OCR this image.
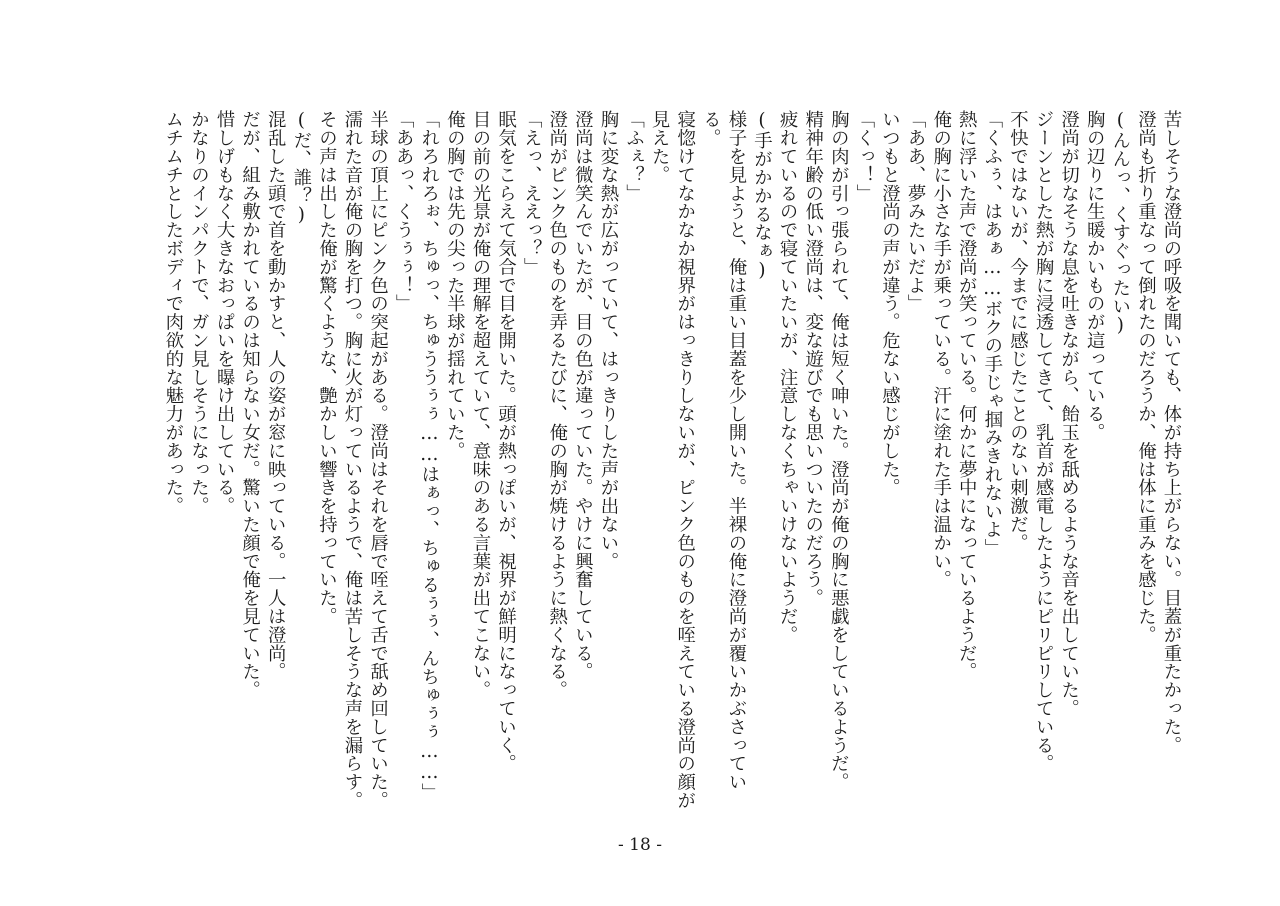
苦しそうな澄尚の呼吸を聞いても、体が持ち上がらない。目蓋が重たかった。
澄尚も折り重なって倒れたのだろうか、俺は体に重みを感じた。
(んんっ、くすぐったい)
胸の辺りに生暖かいものが這っている。
澄尚が切なそうな息を吐きながら、飴玉を舐めるような音を出していた。
ジーンとした熱が胸に浸透してきて、乳首が感電したようにピリピリしている。
不快ではないが、今までに感じたことのない刺激だ。
「くふぅ、はあぁ……ボクの手じゃ掴みきれないよ」
熱に浮いた声で澄尚が笑っている。何かに夢中になっているようだ。
俺の胸に小さな手が乗っている。汗に塗れた手は温かい。
「ああ、夢みたいだよ」
いつもと澄尚の声が違う。危ない感じがした。
「くっ！」
胸の肉が引っ張られて、俺は短く呻いた。澄尚が俺の胸に悪戯をしているようだ。
精神年齢の低い澄尚は、変な遊びでも思いついたのだろう。
疲れているので寝ていたいが、注意しなくちゃいけないようだ。
(手がかかるなぁ)
様子を見ようと、俺は重い目蓋を少し開いた。半裸の俺に澄尚が覆いかぶさっている。
寝惚けてなかなか視界がはっきりしないが、ピンク色のものを咥えている澄尚の顔が見えた。
「ふぇ？」
胸に変な熱が広がっていて、はっきりした声が出ない。
澄尚は微笑んでいたが、目の色が違っていた。やけに興奮している。
澄尚がピンク色のものを弄るたびに、俺の胸が焼けるように熱くなる。
「えっ、ええっ？」
眠気をこらえて気合で目を開いた。頭が熱っぽいが、視界が鮮明になっていく。
目の前の光景が俺の理解を超えていて、意味のある言葉が出てこない。
俺の胸では先の尖った半球が揺れていた。
「れろれろぉ、ちゅっ、ちゅううぅぅ……はぁっ、ちゅるぅぅ、んちゅぅぅ……」
「ああっ、くうぅぅ！」
半球の頂上にピンク色の突起がある。澄尚はそれを唇で咥えて舌で舐め回していた。
濡れた音が俺の胸を打つ。胸に火が灯っているようで、俺は苦しそうな声を漏らす。
その声は出した俺が驚くような、艶かしい響きを持っていた。
(だ、誰？)
混乱した頭で首を動かすと、人の姿が窓に映っている。一人は澄尚。
だが、組み敷かれているのは知らない女だ。驚いた顔で俺を見ていた。
惜しげもなく大きなおっぱいを曝け出している。
かなりのインパクトで、ガン見しそうになった。
ムチムチとしたボディで肉欲的な魅力があった。
- 18 -
